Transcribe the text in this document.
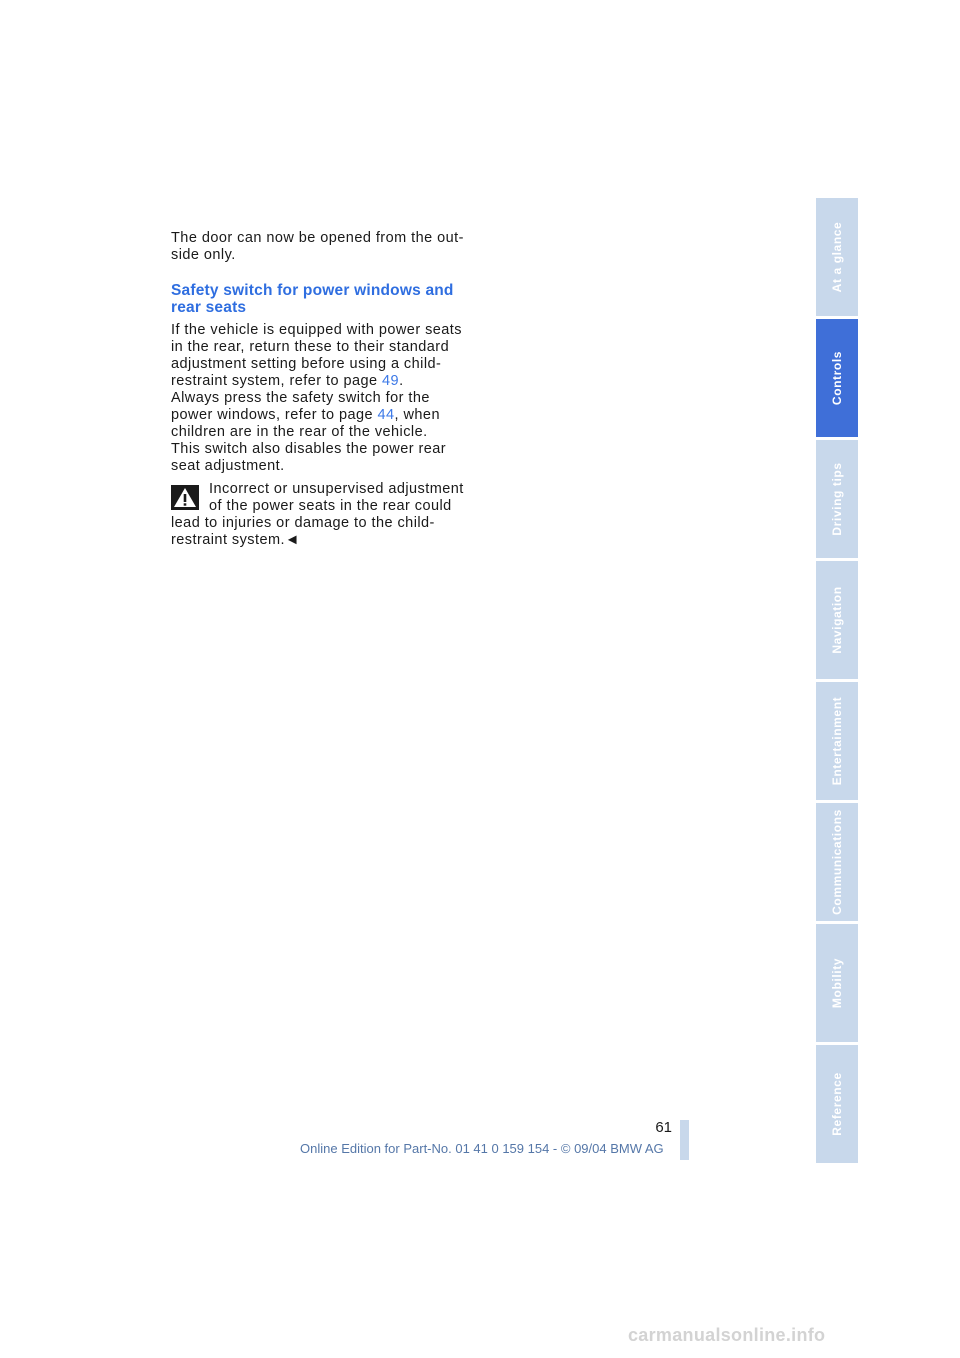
The door can now be opened from the out-side only.

Safety switch for power windows and rear seats

If the vehicle is equipped with power seats in the rear, return these to their standard adjustment setting before using a child-restraint system, refer to page 49.

Always press the safety switch for the power windows, refer to page 44, when children are in the rear of the vehicle.

This switch also disables the power rear seat adjustment.

Incorrect or unsupervised adjustment of the power seats in the rear could
lead to injuries or damage to the child-restraint system.◄

At a glance
Controls
Driving tips
Navigation
Entertainment
Communications
Mobility
Reference
61
Online Edition for Part-No. 01 41 0 159 154 - © 09/04 BMW AG
carmanualsonline.info
